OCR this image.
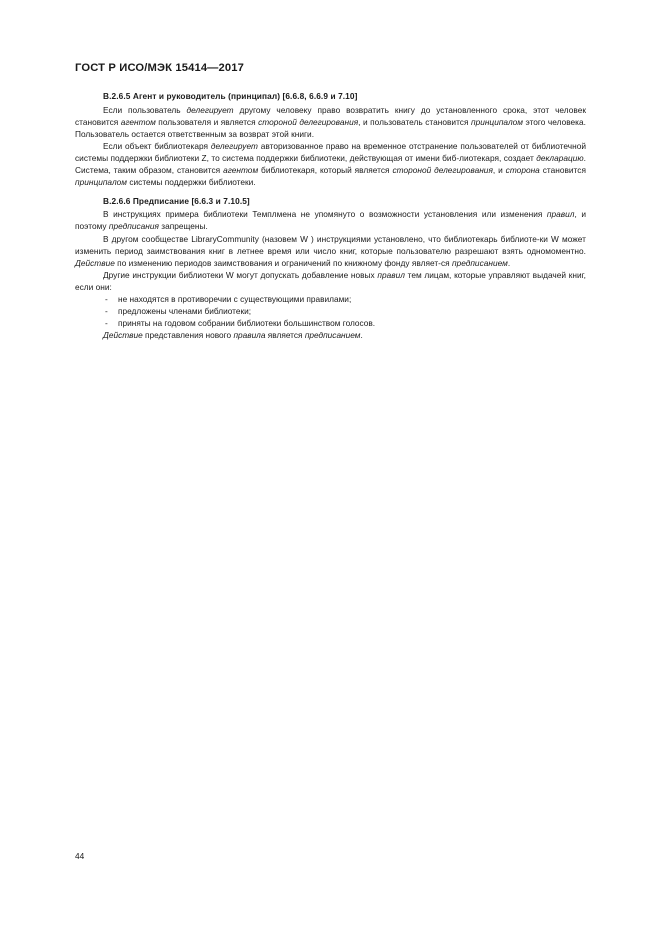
ГОСТ Р ИСО/МЭК 15414—2017
B.2.6.5 Агент и руководитель (принципал) [6.6.8, 6.6.9 и 7.10]

Если пользователь делегирует другому человеку право возвратить книгу до установленного срока, этот человек становится агентом пользователя и является стороной делегирования, и пользователь становится принципалом этого человека. Пользователь остается ответственным за возврат этой книги.

Если объект библиотекаря делегирует авторизованное право на временное отстранение пользователей от библиотечной системы поддержки библиотеки Z, то система поддержки библиотеки, действующая от имени биб-лиотекаря, создает декларацию. Система, таким образом, становится агентом библиотекаря, который является стороной делегирования, и сторона становится принципалом системы поддержки библиотеки.

B.2.6.6 Предписание [6.6.3 и 7.10.5]

В инструкциях примера библиотеки Темплмена не упомянуто о возможности установления или изменения правил, и поэтому предписания запрещены.

В другом сообществе LibraryCommunity (назовем W ) инструкциями установлено, что библиотекарь библиоте-ки W может изменить период заимствования книг в летнее время или число книг, которые пользователю разрешают взять одномоментно. Действие по изменению периодов заимствования и ограничений по книжному фонду являет-ся предписанием.

Другие инструкции библиотеки W могут допускать добавление новых правил тем лицам, которые управляют выдачей книг, если они:

- не находятся в противоречии с существующими правилами;
- предложены членами библиотеки;
- приняты на годовом собрании библиотеки большинством голосов.

Действие представления нового правила является предписанием.

44
